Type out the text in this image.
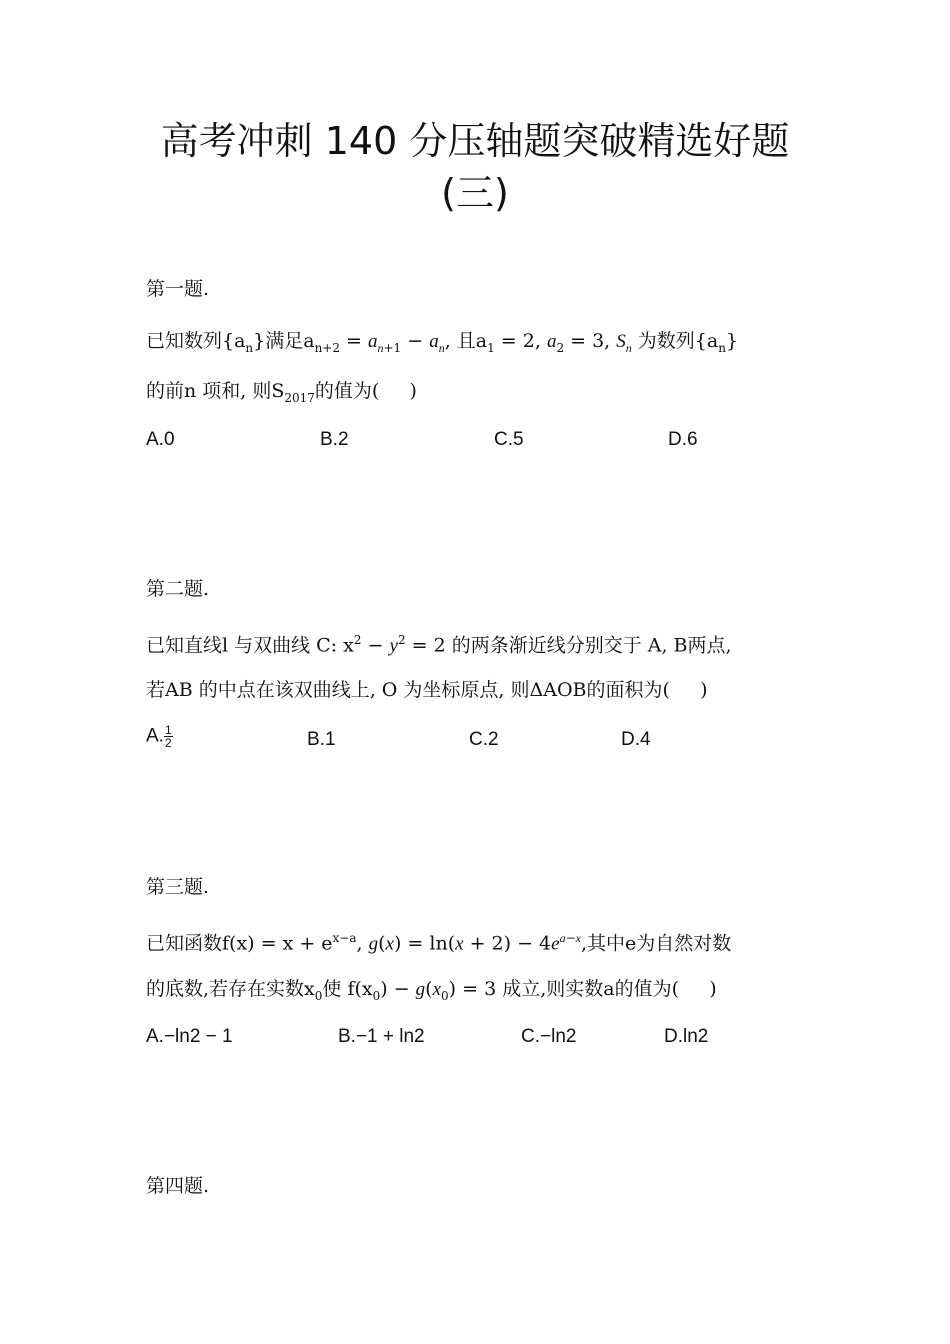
高考冲刺 140 分压轴题突破精选好题
(三)
第一题.
已知数列$\{a_n\}$满足$a_{n+2} = a_{n+1} - a_n$, 且$a_1 = 2$, $a_2 = 3$, $S_n$ 为数列$\{a_n\}$
的前n 项和, 则$S_{2017}$的值为(     )
A.0	B.2	C.5	D.6
第二题.
已知直线l 与双曲线 C: $x^2 - y^2 = 2$ 的两条渐近线分别交于 A, B两点,
若AB 的中点在该双曲线上, O 为坐标原点, 则ΔAOB的面积为(     )
A. $\frac{1}{2}$	B.1	C.2	D.4
第三题.
已知函数$f(x) = x + e^{x-a}$, $g(x) = \ln(x + 2) - 4e^{a-x}$,其中e为自然对数
的底数,若存在实数$x_0$使 $f(x_0) - g(x_0) = 3$ 成立,则实数a的值为(     )
A.−ln2 − 1	B.−1 + ln2	C.−ln2	D.ln2
第四题.
